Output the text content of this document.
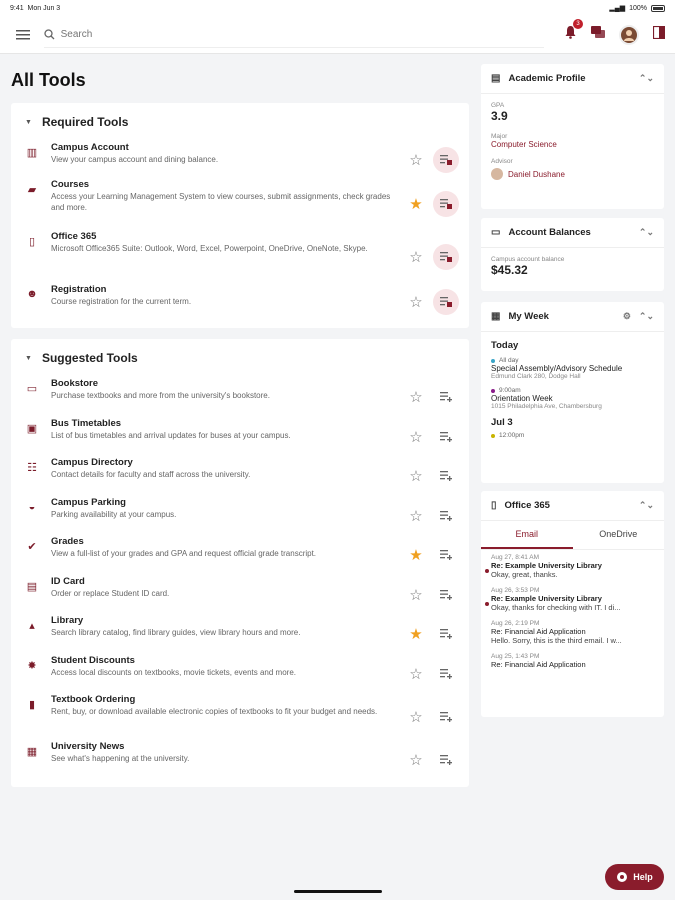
9:41 Mon Jun 3	▂▄▆ 100%
Search
3
All Tools
▼ Required Tools
▥ Campus Account
View your campus account and dining balance.	☆
▰ Courses
Access your Learning Management System to view courses, submit assignments, check grades and more.	★
▯	Office 365
Microsoft Office365 Suite: Outlook, Word, Excel, Powerpoint, OneDrive, OneNote, Skype.	☆
☻ Registration
Course registration for the current term.	☆
▼ Suggested Tools
▭ Bookstore
Purchase textbooks and more from the university's bookstore.	☆
▣ Bus Timetables
List of bus timetables and arrival updates for buses at your campus.	☆
☷ Campus Directory
Contact details for faculty and staff across the university.	☆
◒	Campus Parking
Parking availability at your campus.	☆
✔ Grades
View a full-list of your grades and GPA and request official grade transcript.	★
▤ ID Card
Order or replace Student ID card.	☆
▴	Library
Search library catalog, find library guides, view library hours and more.	★
✸ Student Discounts
Access local discounts on textbooks, movie tickets, events and more.	☆
▮	Textbook Ordering
Rent, buy, or download available electronic copies of textbooks to fit your budget and needs.	☆
▦ University News
See what's happening at the university.	☆
▤ Academic Profile	⌃⌄
GPA
3.9
Major
Computer Science
Advisor
Daniel Dushane
▭ Account Balances	⌃⌄
Campus account balance
$45.32
▦ My Week	⚙ ⌃⌄
Today
All day
Special Assembly/Advisory Schedule
Edmund Clark 280, Dodge Hall
9:00am
Orientation Week
1015 Philadelphia Ave, Chambersburg
Jul 3
12:00pm
▯ Office 365	⌃⌄
Email	OneDrive
Aug 27, 8:41 AM
Re: Example University Library
Okay, great, thanks.
Aug 26, 3:53 PM
Re: Example University Library
Okay, thanks for checking with IT. I di...
Aug 26, 2:19 PM
Re: Financial Aid Application
Hello. Sorry, this is the third email. I w...
Aug 25, 1:43 PM
Re: Financial Aid Application
Help
